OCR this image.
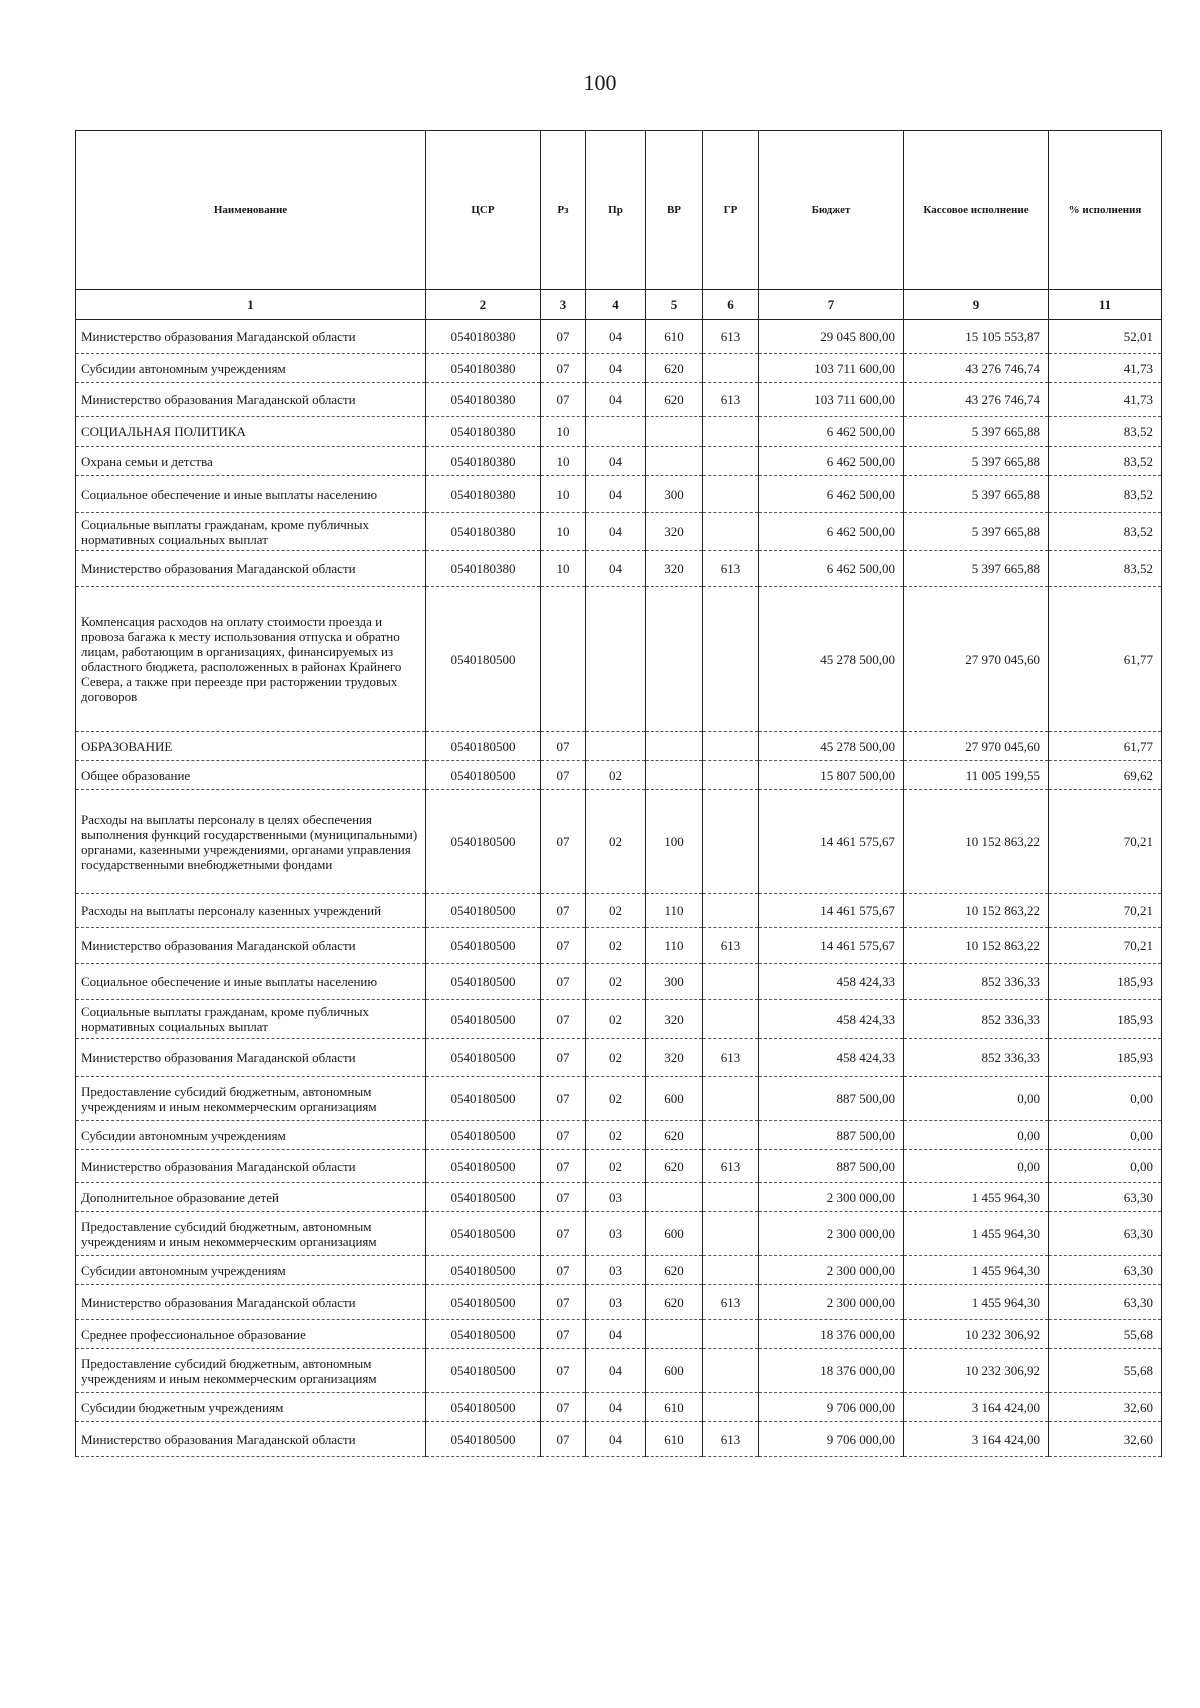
100
Наименование	ЦСР	Рз	Пр	ВР	ГР	Бюджет	Кассовое исполнение	% исполнения
1	2	3	4	5	6	7	9	11
Министерство образования Магаданской области	0540180380	07	04	610	613	29 045 800,00	15 105 553,87	52,01
Субсидии автономным учреждениям	0540180380	07	04	620		103 711 600,00	43 276 746,74	41,73
Министерство образования Магаданской области	0540180380	07	04	620	613	103 711 600,00	43 276 746,74	41,73
СОЦИАЛЬНАЯ ПОЛИТИКА	0540180380	10				6 462 500,00	5 397 665,88	83,52
Охрана семьи и детства	0540180380	10	04			6 462 500,00	5 397 665,88	83,52
Социальное обеспечение и иные выплаты населению	0540180380	10	04	300		6 462 500,00	5 397 665,88	83,52
Социальные выплаты гражданам, кроме публичных нормативных социальных выплат	0540180380	10	04	320		6 462 500,00	5 397 665,88	83,52
Министерство образования Магаданской области	0540180380	10	04	320	613	6 462 500,00	5 397 665,88	83,52
Компенсация расходов на оплату стоимости проезда и провоза багажа к месту использования отпуска и обратно лицам, работающим в организациях, финансируемых из областного бюджета, расположенных в районах Крайнего Севера, а также при переезде при расторжении трудовых договоров	0540180500					45 278 500,00	27 970 045,60	61,77
ОБРАЗОВАНИЕ	0540180500	07				45 278 500,00	27 970 045,60	61,77
Общее образование	0540180500	07	02			15 807 500,00	11 005 199,55	69,62
Расходы на выплаты персоналу в целях обеспечения выполнения функций государственными (муниципальными) органами, казенными учреждениями, органами управления государственными внебюджетными фондами	0540180500	07	02	100		14 461 575,67	10 152 863,22	70,21
Расходы на выплаты персоналу казенных учреждений	0540180500	07	02	110		14 461 575,67	10 152 863,22	70,21
Министерство образования Магаданской области	0540180500	07	02	110	613	14 461 575,67	10 152 863,22	70,21
Социальное обеспечение и иные выплаты населению	0540180500	07	02	300		458 424,33	852 336,33	185,93
Социальные выплаты гражданам, кроме публичных нормативных социальных выплат	0540180500	07	02	320		458 424,33	852 336,33	185,93
Министерство образования Магаданской области	0540180500	07	02	320	613	458 424,33	852 336,33	185,93
Предоставление субсидий бюджетным, автономным учреждениям и иным некоммерческим организациям	0540180500	07	02	600		887 500,00	0,00	0,00
Субсидии автономным учреждениям	0540180500	07	02	620		887 500,00	0,00	0,00
Министерство образования Магаданской области	0540180500	07	02	620	613	887 500,00	0,00	0,00
Дополнительное образование детей	0540180500	07	03			2 300 000,00	1 455 964,30	63,30
Предоставление субсидий бюджетным, автономным учреждениям и иным некоммерческим организациям	0540180500	07	03	600		2 300 000,00	1 455 964,30	63,30
Субсидии автономным учреждениям	0540180500	07	03	620		2 300 000,00	1 455 964,30	63,30
Министерство образования Магаданской области	0540180500	07	03	620	613	2 300 000,00	1 455 964,30	63,30
Среднее профессиональное образование	0540180500	07	04			18 376 000,00	10 232 306,92	55,68
Предоставление субсидий бюджетным, автономным учреждениям и иным некоммерческим организациям	0540180500	07	04	600		18 376 000,00	10 232 306,92	55,68
Субсидии бюджетным учреждениям	0540180500	07	04	610		9 706 000,00	3 164 424,00	32,60
Министерство образования Магаданской области	0540180500	07	04	610	613	9 706 000,00	3 164 424,00	32,60
